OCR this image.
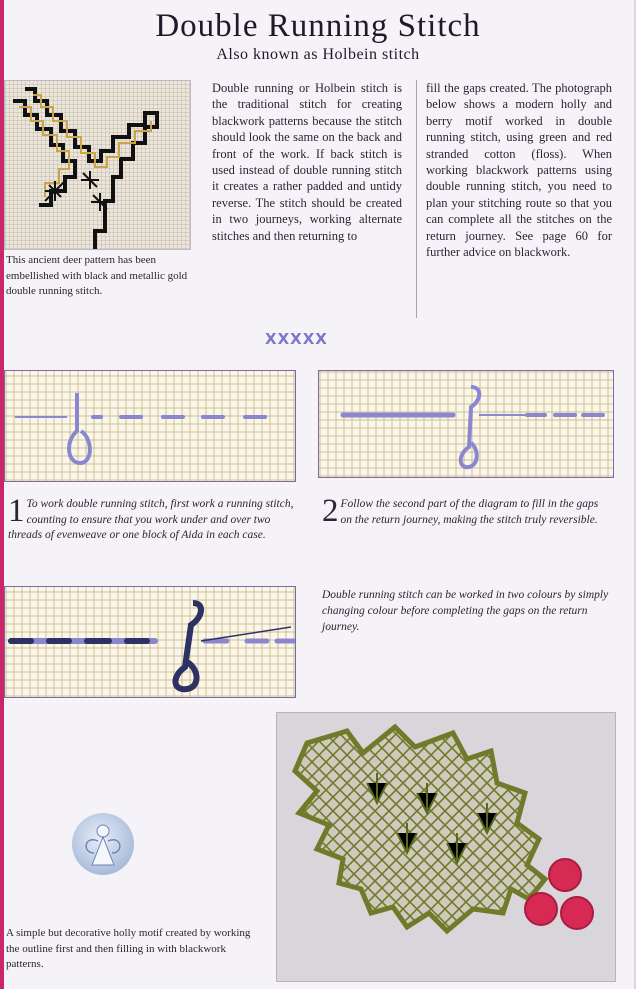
Double Running Stitch
Also known as Holbein stitch
This ancient deer pattern has been embellished with black and metallic gold double running stitch.
Double running or Holbein stitch is the traditional stitch for creating blackwork patterns because the stitch should look the same on the back and front of the work. If back stitch is used instead of double running stitch it creates a rather padded and untidy reverse. The stitch should be created in two journeys, working alternate stitches and then returning to
fill the gaps created. The photograph below shows a modern holly and berry motif worked in double running stitch, using green and red stranded cotton (floss). When working blackwork patterns using double running stitch, you need to plan your stitching route so that you can complete all the stitches on the return journey. See page 60 for further advice on blackwork.
XXXXX
1 To work double running stitch, first work a running stitch, counting to ensure that you work under and over two threads of evenweave or one block of Aida in each case.
2 Follow the second part of the diagram to fill in the gaps on the return journey, making the stitch truly reversible.
Double running stitch can be worked in two colours by simply changing colour before completing the gaps on the return journey.
A simple but decorative holly motif created by working the outline first and then filling in with blackwork patterns.
